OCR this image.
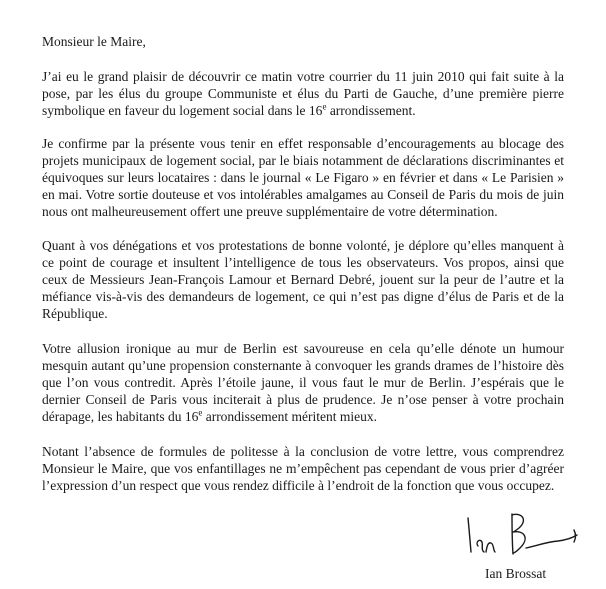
Monsieur le Maire,

J’ai eu le grand plaisir de découvrir ce matin votre courrier du 11 juin 2010 qui fait suite à la pose, par les élus du groupe Communiste et élus du Parti de Gauche, d’une première pierre symbolique en faveur du logement social dans le 16e arrondissement.

Je confirme par la présente vous tenir en effet responsable d’encouragements au blocage des projets municipaux de logement social, par le biais notamment de déclarations discriminantes et équivoques sur leurs locataires : dans le journal « Le Figaro » en février et dans « Le Parisien » en mai. Votre sortie douteuse et vos intolérables amalgames au Conseil de Paris du mois de juin nous ont malheureusement offert une preuve supplémentaire de votre détermination.

Quant à vos dénégations et vos protestations de bonne volonté, je déplore qu’elles manquent à ce point de courage et insultent l’intelligence de tous les observateurs. Vos propos, ainsi que ceux de Messieurs Jean-François Lamour et Bernard Debré, jouent sur la peur de l’autre et la méfiance vis-à-vis des demandeurs de logement, ce qui n’est pas digne d’élus de Paris et de la République.

Votre allusion ironique au mur de Berlin est savoureuse en cela qu’elle dénote un humour mesquin autant qu’une propension consternante à convoquer les grands drames de l’histoire dès que l’on vous contredit. Après l’étoile jaune, il vous faut le mur de Berlin. J’espérais que le dernier Conseil de Paris vous inciterait à plus de prudence. Je n’ose penser à votre prochain dérapage, les habitants du 16e arrondissement méritent mieux.

Notant l’absence de formules de politesse à la conclusion de votre lettre, vous comprendrez Monsieur le Maire, que vos enfantillages ne m’empêchent pas cependant de vous prier d’agréer l’expression d’un respect que vous rendez difficile à l’endroit de la fonction que vous occupez.

Ian Brossat
